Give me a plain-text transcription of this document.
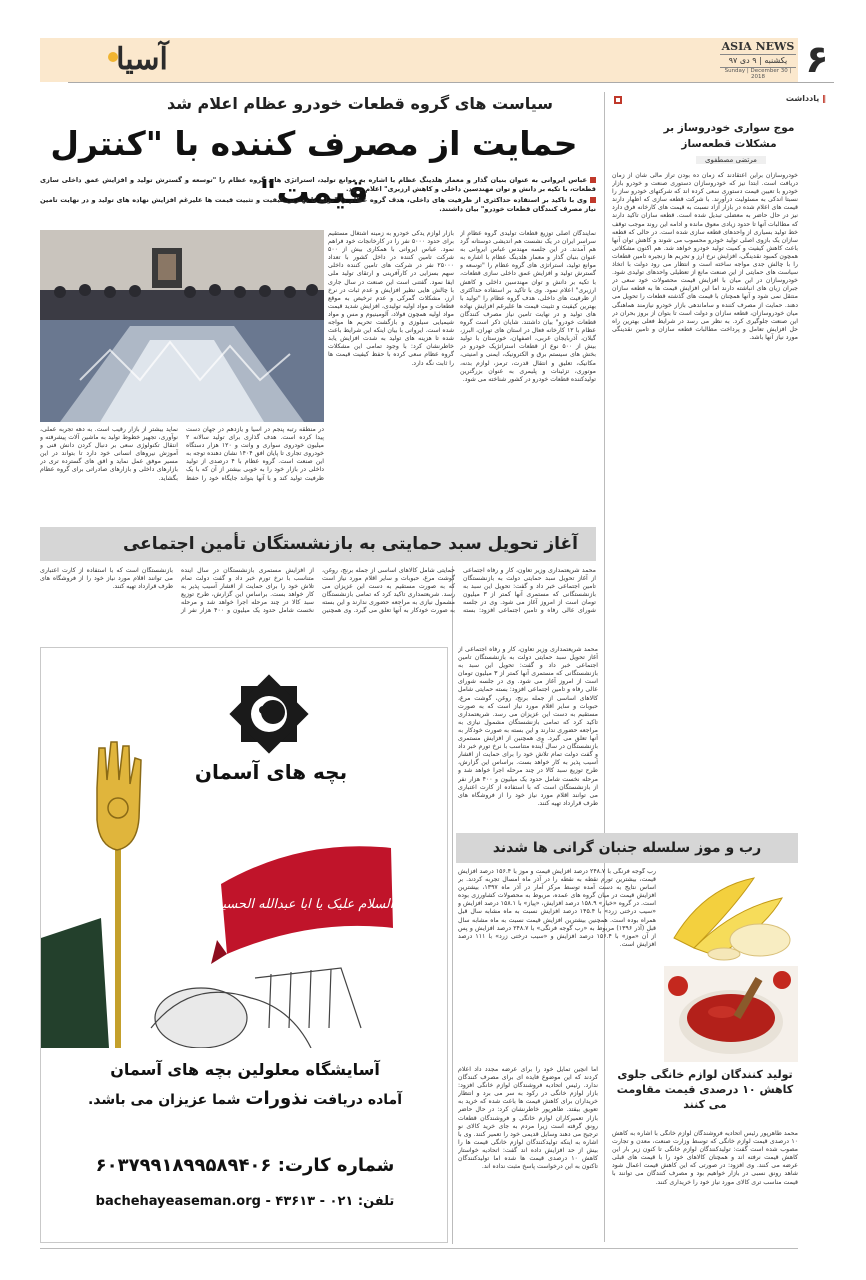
آسیا	ASIA NEWS
یکشنبه | ۹ دی ۹۷
Sunday | December 30 | 2018	۶
‖ یادداشت
موج سواری خودروساز بر مشکلات قطعه‌ساز
مرتضی مصطفوی
خودروسازان براین اعتقادند که زمان ده بودن تراز مالی شان از زمان دریافت است. ابتدا نیز که خودروسازان دستوری صنعت و خودرو بازار خودرو با تعیین قیمت دستوری سعی کرده اند که شرکتهای خودرو ساز را نسبتا اندکی به مسئولیت درآورند. با شرکت قطعه سازی که اظهار دارند قیمت های اعلام شده در بازار آزاد نسبت به قیمت های کارخانه فرق دارد نیز در حال حاضر به معضلی تبدیل شده است. قطعه سازان تاکید دارند که مطالبات آنها تا حدود زیادی معوق مانده و ادامه این روند موجب توقف خط تولید بسیاری از واحدهای قطعه سازی شده است. در حالی که قطعه سازان یک بازوی اصلی تولید خودرو محسوب می شوند و کاهش توان آنها باعث کاهش کیفیت و کمیت تولید خودرو خواهد شد. هم اکنون مشکلاتی همچون کمبود نقدینگی، افزایش نرخ ارز و تحریم ها زنجیره تامین قطعات را با چالش جدی مواجه ساخته است و انتظار می رود دولت با اتخاذ سیاست های حمایتی از این صنعت مانع از تعطیلی واحدهای تولیدی شود. خودروسازان در این میان با افزایش قیمت محصولات خود سعی در جبران زیان های انباشته دارند اما این افزایش قیمت ها به قطعه سازان منتقل نمی شود و آنها همچنان با قیمت های گذشته قطعات را تحویل می دهند. حمایت از مصرف کننده و ساماندهی بازار خودرو نیازمند هماهنگی میان خودروسازان، قطعه سازان و دولت است تا بتوان از بروز بحران در این صنعت جلوگیری کرد. به نظر می رسد در شرایط فعلی بهترین راه حل افزایش تعامل و پرداخت مطالبات قطعه سازان و تامین نقدینگی مورد نیاز آنها باشد.
سیاست های گروه قطعات خودرو عظام اعلام شد
حمایت از مصرف کننده با "کنترل قیمت"
عباس ایروانی به عنوان بنیان گذار و معمار هلدینگ عظام با اشاره به موانع تولید، استراتژی های گروه عظام را "توسعه و گسترش تولید و افزایش عمق داخلی سازی قطعات، با تکیه بر دانش و توان مهندسین داخلی و کاهش ارزبری" اعلام نمود.
وی با تاکید بر استفاده حداکثری از ظرفیت های داخلی، هدف گروه عظام را "تولید با بهترین کیفیت و تثبیت قیمت ها علیرغم افزایش نهاده های تولید و در نهایت تامین نیاز مصرف کنندگان قطعات خودرو" بیان داشتند.
نمایندگان اصلی توزیع قطعات تولیدی گروه عظام از سراسر ایران در یک نشست هم اندیشی دوستانه گرد هم آمدند. در این جلسه مهندس عباس ایروانی به عنوان بنیان گذار و معمار هلدینگ عظام با اشاره به موانع تولید، استراتژی های گروه عظام را "توسعه و گسترش تولید و افزایش عمق داخلی سازی قطعات، با تکیه بر دانش و توان مهندسین داخلی و کاهش ارزبری" اعلام نمود. وی با تاکید بر استفاده حداکثری از ظرفیت های داخلی، هدف گروه عظام را "تولید با بهترین کیفیت و تثبیت قیمت ها علیرغم افزایش نهاده های تولید و در نهایت تامین نیاز مصرف کنندگان قطعات خودرو" بیان داشتند. شایان ذکر است گروه عظام با ۱۲ کارخانه فعال در استان های تهران، البرز، گیلان، آذربایجان غربی، اصفهان، خوزستان با تولید بیش از ۵۰۰ نوع از قطعات استراتژیک خودرو در بخش های سیستم برق و الکترونیک، ایمنی و امنیتی، مکانیک، تعلیق و انتقال قدرت، ترمز، لوازم بدنه، موتوری، تزئینات و پلیمری به عنوان بزرگترین تولیدکننده قطعات خودرو در کشور شناخته می شود.
بازار لوازم یدکی خودرو به زمینه اشتغال مستقیم برای حدود ۵۰۰۰ نفر را در کارخانجات خود فراهم نمود. عباس ایروانی با همکاری بیش از ۵۰۰ شرکت تامین کننده در داخل کشور با تعداد ۲۵۰۰۰ نفر در شرکت های تامین کننده داخلی سهم بسزایی در کارآفرینی و ارتقای تولید ملی ایفا نمود. گفتنی است این صنعت در سال جاری با چالش هایی نظیر افزایش و عدم ثبات در نرخ ارز، مشکلات گمرکی و عدم ترخیص به موقع قطعات و مواد اولیه تولیدی، افزایش شدید قیمت مواد اولیه همچون فولاد، آلومینیوم و مس و مواد شیمیایی سیلوزی و بازگشت تحریم ها مواجه شده است. ایروانی با بیان اینکه این شرایط باعث شده تا هزینه های تولید به شدت افزایش یابد خاطرنشان کرد: با وجود تمامی این مشکلات گروه عظام سعی کرده با حفظ کیفیت قیمت ها را ثابت نگه دارد.
در منطقه رتبه پنجم در آسیا و یازدهم در جهان دست پیدا کرده است. هدف گذاری برای تولید سالانه ۲ میلیون خودروی سواری و وانت و ۱۲۰ هزار دستگاه خودروی تجاری تا پایان افق ۱۴۰۴ نشان دهنده توجه به این صنعت است. گروه عظام با ۴ درصدی از تولید داخلی در بازار خود را به خوبی بیشتر از آن که با یک ظرفیت تولید کند و با آنها بتواند جایگاه خود را حفظ نماید بیشتر از بازار رقیب است. به دهه تجربه عملی، نوآوری، تجهیز خطوط تولید به ماشین آلات پیشرفته و انتقال تکنولوژی سعی بر دنبال کردن دانش فنی و آموزش نیروهای انسانی خود دارد تا بتواند در این مسیر موفق عمل نماید و افق های گسترده تری در بازارهای داخلی و بازارهای صادراتی برای گروه عظام بگشاید.
آغاز تحویل سبد حمایتی به بازنشستگان تأمین اجتماعی
محمد شریعتمداری وزیر تعاون، کار و رفاه اجتماعی از آغاز تحویل سبد حمایتی دولت به بازنشستگان تامین اجتماعی خبر داد و گفت: تحویل این سبد به بازنشستگانی که مستمری آنها کمتر از ۳ میلیون تومان است از امروز آغاز می شود. وی در جلسه شورای عالی رفاه و تامین اجتماعی افزود: بسته حمایتی شامل کالاهای اساسی از جمله برنج، روغن، گوشت مرغ، حبوبات و سایر اقلام مورد نیاز است که به صورت مستقیم به دست این عزیزان می رسد. شریعتمداری تاکید کرد که تمامی بازنشستگان مشمول نیازی به مراجعه حضوری ندارند و این بسته به صورت خودکار به آنها تعلق می گیرد. وی همچنین از افزایش مستمری بازنشستگان در سال آینده متناسب با نرخ تورم خبر داد و گفت دولت تمام تلاش خود را برای حمایت از اقشار آسیب پذیر به کار خواهد بست. براساس این گزارش، طرح توزیع سبد کالا در چند مرحله اجرا خواهد شد و مرحله نخست شامل حدود یک میلیون و ۴۰۰ هزار نفر از بازنشستگان است که با استفاده از کارت اعتباری می توانند اقلام مورد نیاز خود را از فروشگاه های طرف قرارداد تهیه کنند.
بچه های آسمان
السلام علیک یا ابا عبدالله الحسین
آسایشگاه معلولین بچه های آسمان
آماده دریافت نذورات شما عزیزان می باشد.
شماره کارت: ۶۰۳۷۹۹۱۸۹۹۵۸۹۴۰۶
تلفن: ۰۲۱ - ۴۳۶۱۳ - bachehayeaseman.org
محمد شریعتمداری وزیر تعاون، کار و رفاه اجتماعی از آغاز تحویل سبد حمایتی دولت به بازنشستگان تامین اجتماعی خبر داد و گفت: تحویل این سبد به بازنشستگانی که مستمری آنها کمتر از ۳ میلیون تومان است از امروز آغاز می شود. وی در جلسه شورای عالی رفاه و تامین اجتماعی افزود: بسته حمایتی شامل کالاهای اساسی از جمله برنج، روغن، گوشت مرغ، حبوبات و سایر اقلام مورد نیاز است که به صورت مستقیم به دست این عزیزان می رسد. شریعتمداری تاکید کرد که تمامی بازنشستگان مشمول نیازی به مراجعه حضوری ندارند و این بسته به صورت خودکار به آنها تعلق می گیرد. وی همچنین از افزایش مستمری بازنشستگان در سال آینده متناسب با نرخ تورم خبر داد و گفت دولت تمام تلاش خود را برای حمایت از اقشار آسیب پذیر به کار خواهد بست. براساس این گزارش، طرح توزیع سبد کالا در چند مرحله اجرا خواهد شد و مرحله نخست شامل حدود یک میلیون و ۴۰۰ هزار نفر از بازنشستگان است که با استفاده از کارت اعتباری می توانند اقلام مورد نیاز خود را از فروشگاه های طرف قرارداد تهیه کنند.
رب و موز سلسله جنبان گرانی ها شدند
رب گوجه فرنگی با ۲۴۸.۷ درصد افزایش قیمت و موز با ۱۵۶.۴ درصد افزایش قیمت، بیشترین تورم نقطه به نقطه را در آذر ماه امسال تجربه کردند. بر اساس نتایج به دست آمده توسط مرکز آمار در آذر ماه ۱۳۹۷، بیشترین افزایش قیمت در میان گروه های عمده، مربوط به محصولات کشاورزی بوده است. در گروه «خیار» ۱۵۸.۹ درصد افزایش، «پیاز» با ۱۵۸.۱ درصد افزایش و «سیب درختی زرد» با ۱۴۵.۴ درصد افزایش نسبت به ماه مشابه سال قبل همراه بوده است. همچنین بیشترین افزایش قیمت نسبت به ماه مشابه سال قبل (آذر ۱۳۹۶) مربوط به «رب گوجه فرنگی» با ۲۴۸.۷ درصد افزایش و پس از آن «موز» با ۱۵۶.۴ درصد افزایش و «سیب درختی زرد» با ۱۱۱ درصد افزایش است.
تولید کنندگان لوازم خانگی جلوی کاهش ۱۰ درصدی قیمت مقاومت می کنند
محمد طاهرپور رئیس اتحادیه فروشندگان لوازم خانگی با اشاره به کاهش ۱۰ درصدی قیمت لوازم خانگی که توسط وزارت صنعت، معدن و تجارت مصوب شده است گفت: تولیدکنندگان لوازم خانگی تا کنون زیر بار این کاهش قیمت نرفته اند و همچنان کالاهای خود را با قیمت های قبلی عرضه می کنند. وی افزود: در صورتی که این کاهش قیمت اعمال شود شاهد رونق نسبی در بازار خواهیم بود و مصرف کنندگان می توانند با قیمت مناسب تری کالای مورد نیاز خود را خریداری کنند.
اما آنچین تمایل خود را برای عرضه مجدد داد اعلام کردند که این موضوع فایده ای برای مصرف کنندگان ندارد. رئیس اتحادیه فروشندگان لوازم خانگی افزود: بازار لوازم خانگی در رکود به سر می برد و انتظار خریداران برای کاهش قیمت ها باعث شده که خرید به تعویق بیفتد. طاهرپور خاطرنشان کرد: در حال حاضر بازار تعمیرکاران لوازم خانگی و فروشندگان قطعات رونق گرفته است زیرا مردم به جای خرید کالای نو ترجیح می دهند وسایل قدیمی خود را تعمیر کنند. وی با اشاره به اینکه تولیدکنندگان لوازم خانگی قیمت ها را بیش از حد افزایش داده اند گفت: اتحادیه خواستار کاهش ۱۰ درصدی قیمت ها شده اما تولیدکنندگان تاکنون به این درخواست پاسخ مثبت نداده اند.
